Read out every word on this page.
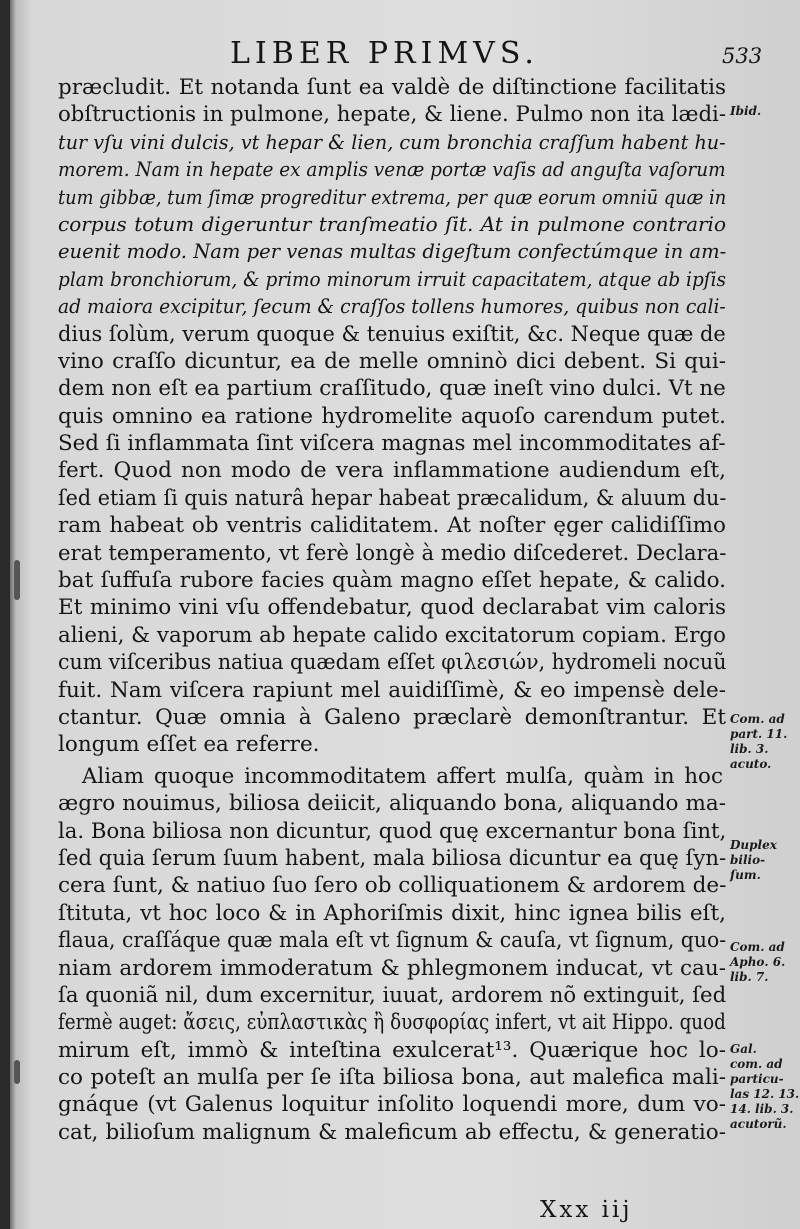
LIBER PRIMVS.	533
præcludit. Et notanda ſunt ea valdè de diſtinctione facilitatis
obſtructionis in pulmone, hepate, & liene. Pulmo non ita lædi-
tur vſu vini dulcis, vt hepar & lien, cum bronchia craſſum habent hu-
morem. Nam in hepate ex amplis venæ portæ vaſis ad anguſta vaſorum
tum gibbæ, tum ſimæ progreditur extrema, per quæ eorum omniū quæ in
corpus totum digeruntur tranſmeatio ſit. At in pulmone contrario
euenit modo. Nam per venas multas digeſtum confectúmque in am-
plam bronchiorum, & primo minorum irruit capacitatem, atque ab ipſis
ad maiora excipitur, ſecum & craſſos tollens humores, quibus non cali-
dius ſolùm, verum quoque & tenuius exiſtit, &c. Neque quæ de
vino craſſo dicuntur, ea de melle omninò dici debent. Si qui-
dem non eſt ea partium craſſitudo, quæ ineſt vino dulci. Vt ne
quis omnino ea ratione hydromelite aquoſo carendum putet.
Sed ſi inflammata ſint viſcera magnas mel incommoditates af-
fert. Quod non modo de vera inflammatione audiendum eſt,
ſed etiam ſi quis naturâ hepar habeat præcalidum, & aluum du-
ram habeat ob ventris caliditatem. At noſter ęger calidiſſimo
erat temperamento, vt ferè longè à medio diſcederet. Declara-
bat ſuffuſa rubore facies quàm magno eſſet hepate, & calido.
Et minimo vini vſu offendebatur, quod declarabat vim caloris
alieni, & vaporum ab hepate calido excitatorum copiam. Ergo
cum viſceribus natiua quædam eſſet φιλεσιών, hydromeli nocuũ
fuit. Nam viſcera rapiunt mel auidiſſimè, & eo impensè dele-
ctantur. Quæ omnia à Galeno præclarè demonſtrantur. Et
longum eſſet ea referre.
Aliam quoque incommoditatem affert mulſa, quàm in hoc
ægro nouimus, biliosa deiicit, aliquando bona, aliquando ma-
la. Bona biliosa non dicuntur, quod quę excernantur bona ſint,
ſed quia ſerum ſuum habent, mala biliosa dicuntur ea quę ſyn-
cera ſunt, & natiuo ſuo ſero ob colliquationem & ardorem de-
ſtituta, vt hoc loco & in Aphoriſmis dixit, hinc ignea bilis eſt,
flaua, craſſáque quæ mala eſt vt ſignum & cauſa, vt ſignum, quo-
niam ardorem immoderatum & phlegmonem inducat, vt cau-
ſa quoniã nil, dum excernitur, iuuat, ardorem nõ extinguit, ſed
fermè auget: ἄσεις, εὐπλαστικὰς ἢ δυσφορίας infert, vt ait Hippo. quod
mirum eſt, immò & inteſtina exulcerat¹³. Quærique hoc lo-
co poteſt an mulſa per ſe iſta biliosa bona, aut malefica mali-
gnáque (vt Galenus loquitur inſolito loquendi more, dum vo-
cat, bilioſum malignum & maleficum ab effectu, & generatio-
Ibid.
Com. ad
part. 11.
lib. 3.
acuto.
Duplex
bilio-
ſum.
Com. ad
Aphо. 6.
lib. 7.
Gal.
com. ad
particu-
las 12. 13.
14. lib. 3.
acutorũ.
Xxx iij
